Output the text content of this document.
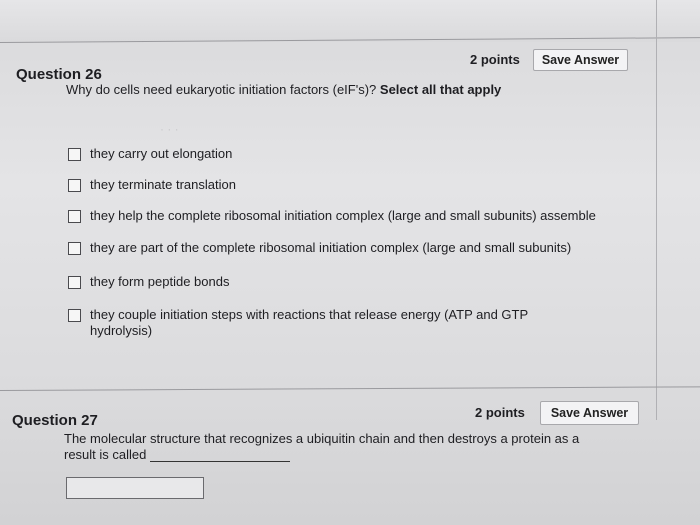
· · ·
2 points	Save Answer
Question 26
Why do cells need eukaryotic initiation factors (eIF's)? Select all that apply
they carry out elongation
they terminate translation
they help the complete ribosomal initiation complex (large and small subunits) assemble
they are part of the complete ribosomal initiation complex (large and small subunits)
they form peptide bonds
they couple initiation steps with reactions that release energy (ATP and GTP hydrolysis)
2 points	Save Answer
Question 27
The molecular structure that recognizes a ubiquitin chain and then destroys a protein as a
result is called
